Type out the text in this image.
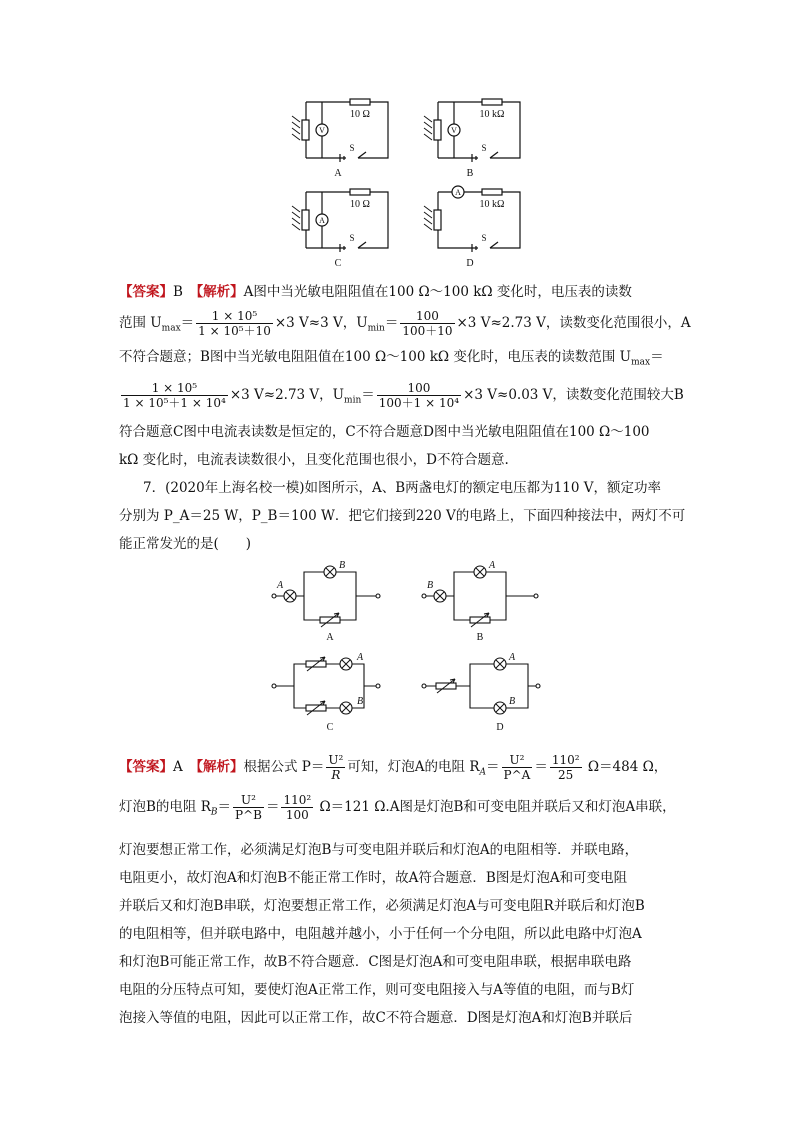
10 Ω
V
S
A
10 kΩ
V
S
B
10 Ω
A
S
C
10 kΩ
A
S
D
【答案】B　 【解析】A图中当光敏电阻阻值在100 Ω～100 kΩ 变化时，电压表的读数
范围 $U_{max}= \frac{\text{1 × 10⁵}}{\text{1 × 10⁵＋10}} \times 3$ V≈3 V，$U_{min}= \frac{100}{100+10} \times 3$ V≈2.73 V，读数变化范围很小，A
不符合题意；B图中当光敏电阻阻值在100 Ω～100 kΩ 变化时，电压表的读数范围 $U_{max}=$
$\frac{\text{1 × 10⁵}}{\text{1 × 10⁵＋1 × 10⁴}} \times 3$ V≈2.73 V，$U_{min}= \frac{100}{\text{100＋1 × 10⁴}} \times 3$ V≈0.03 V，读数变化范围较大B
符合题意C图中电流表读数是恒定的，C不符合题意D图中当光敏电阻阻值在100 Ω～100
kΩ 变化时，电流表读数很小，且变化范围也很小，D不符合题意.
7．(2020年上海名校一模)如图所示，A、B两盏电灯的额定电压都为110 V，额定功率
分别为 P_A＝25 W，P_B＝100 W．把它们接到220 V的电路上，下面四种接法中，两灯不可
能正常发光的是(　　)
A
B
B
A
A
B
A
B
A	B
C	D
【答案】A　 【解析】根据公式 $P= \frac{\text{U²}}{R}$ 可知，灯泡A的电阻 $R_A= \frac{\text{U²}}{P\^{}A} = \frac{\text{110²}}{25} \Omega=484$ Ω，
灯泡B的电阻 $R_B= \frac{\text{U²}}{P\^{}B} = \frac{\text{110²}}{100} \Omega=121$ Ω.A图是灯泡B和可变电阻并联后又和灯泡A串联，
灯泡要想正常工作，必须满足灯泡B与可变电阻并联后和灯泡A的电阻相等．并联电路，
电阻更小，故灯泡A和灯泡B不能正常工作时，故A符合题意．B图是灯泡A和可变电阻
并联后又和灯泡B串联，灯泡要想正常工作，必须满足灯泡A与可变电阻R并联后和灯泡B
的电阻相等，但并联电路中，电阻越并越小，小于任何一个分电阻，所以此电路中灯泡A
和灯泡B可能正常工作，故B不符合题意．C图是灯泡A和可变电阻串联，根据串联电路
电阻的分压特点可知，要使灯泡A正常工作，则可变电阻接入与A等值的电阻，而与B灯
泡接入等值的电阻，因此可以正常工作，故C不符合题意．D图是灯泡A和灯泡B并联后
